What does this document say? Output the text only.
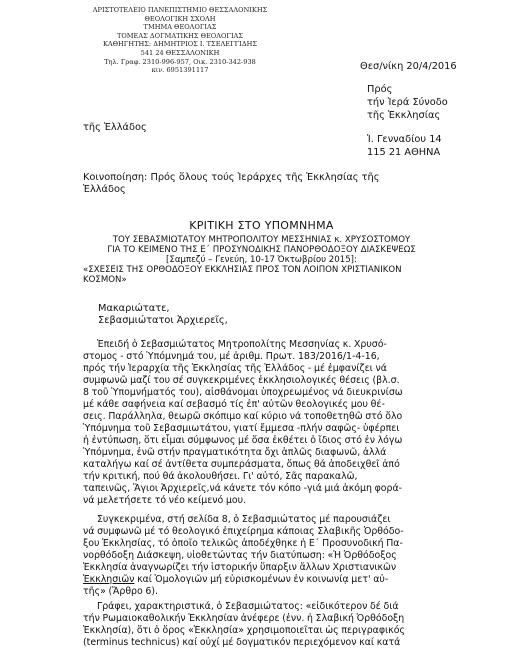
ΑΡΙΣΤΟΤΕΛΕΙΟ ΠΑΝΕΠΙΣΤΗΜΙΟ ΘΕΣΣΑΛΟΝΙΚΗΣ
ΘΕΟΛΟΓΙΚΗ ΣΧΟΛΗ
ΤΜΗΜΑ ΘΕΟΛΟΓΙΑΣ
ΤΟΜΕΑΣ ΔΟΓΜΑΤΙΚΗΣ ΘΕΟΛΟΓΙΑΣ
ΚΑΘΗΓΗΤΗΣ: ΔΗΜΗΤΡΙΟΣ Ι. ΤΣΕΛΕΓΓΙΔΗΣ
541 24 ΘΕΣΣΑΛΟΝΙΚΗ
Τηλ. Γραφ. 2310-996-957, Οικ. 2310-342-938
κιν. 6951391117	Θεσ/νίκη 20/4/2016
Πρός
τήν Ἱερά Σύνοδο
τῆς Ἐκκλησίας
τῆς Ἑλλάδος
Ἰ. Γενναδίου 14
115 21 ΑΘΗΝΑ
Κοινοποίηση: Πρός ὅλους τούς Ἱεράρχες τῆς Ἐκκλησίας τῆς
Ἑλλάδος
ΚΡΙΤΙΚΗ ΣΤΟ ΥΠΟΜΝΗΜΑ
ΤΟΥ ΣΕΒΑΣΜΙΩΤΑΤΟΥ ΜΗΤΡΟΠΟΛΙΤΟΥ ΜΕΣΣΗΝΙΑΣ κ. ΧΡΥΣΟΣΤΟΜΟΥ
ΓΙΑ ΤΟ ΚΕΙΜΕΝΟ ΤΗΣ Ε΄ ΠΡΟΣΥΝΟΔΙΚΗΣ ΠΑΝΟΡΘΟΔΟΞΟΥ ΔΙΑΣΚΕΨΕΩΣ
[Σαμπεζύ – Γενεύη, 10-17 Ὀκτωβρίου 2015]:
«ΣΧΕΣΕΙΣ ΤΗΣ ΟΡΘΟΔΟΞΟΥ ΕΚΚΛΗΣΙΑΣ ΠΡΟΣ ΤΟΝ ΛΟΙΠΟΝ ΧΡΙΣΤΙΑΝΙΚΟΝ
ΚΟΣΜΟΝ»
Μακαριώτατε,
Σεβασμιώτατοι Ἀρχιερεῖς,
Ἐπειδή ὁ Σεβασμιώτατος Μητροπολίτης Μεσσηνίας κ. Χρυσό-
στομος - στό Ὑπόμνημά του, μέ ἀριθμ. Πρωτ. 183/2016/1-4-16,
πρός τήν Ἱεραρχία τῆς Ἐκκλησίας τῆς Ἑλλάδος - μέ ἐμφανίζει νά
συμφωνῶ μαζί του σέ συγκεκριμένες ἐκκλησιολογικές θέσεις (βλ.σ.
8 τοῦ Ὑπομνήματός του), αἰσθάνομαι ὑποχρεωμένος νά διευκρινίσω
μέ κάθε σαφήνεια καί σεβασμό τίς ἐπ' αὐτῶν θεολογικές μου θέ-
σεις. Παράλληλα, θεωρῶ σκόπιμο καί κύριο νά τοποθετηθῶ στό ὅλο
Ὑπόμνημα τοῦ Σεβασμιωτάτου, γιατί ἔμμεσα -πλήν σαφῶς- ὑφέρπει
ἡ ἐντύπωση, ὅτι εἶμαι σύμφωνος μέ ὅσα ἐκθέτει ὁ ἴδιος στό ἐν λόγω
Ὑπόμνημα, ἐνῶ στήν πραγματικότητα ὄχι ἁπλῶς διαφωνῶ, ἀλλά
καταλήγω καί σέ ἀντίθετα συμπεράσματα, ὅπως θά ἀποδειχθεῖ ἀπό
τήν κριτική, πού θά ἀκολουθήσει. Γι' αὐτό, Σᾶς παρακαλῶ,
ταπεινῶς, Ἅγιοι Ἀρχιερεῖς,νά κάνετε τόν κόπο -γιά μιά ἀκόμη φορά-
νά μελετήσετε τό νέο κείμενό μου.
Συγκεκριμένα, στή σελίδα 8, ὁ Σεβασμιώτατος μέ παρουσιάζει
νά συμφωνῶ μέ τό θεολογικό ἐπιχείρημα κάποιας Σλαβικῆς Ὀρθόδο-
ξου Ἐκκλησίας, τό ὁποῖο τελικῶς ἀποδέχθηκε ἡ Ε΄ Προσυνοδική Πα-
νορθόδοξη Διάσκεψη, υἱοθετώντας τήν διατύπωση: «Ἡ Ὀρθόδοξος
Ἐκκλησία ἀναγνωρίζει τήν ἱστορικήν ὕπαρξιν ἄλλων Χριστιανικῶν
Ἐκκλησιῶν καί Ὁμολογιῶν μή εὑρισκομένων ἐν κοινωνίᾳ μετ' αὐ-
τῆς» (Ἄρθρο 6).
Γράφει, χαρακτηριστικά, ὁ Σεβασμιώτατος: «εἰδικότερον δέ διά
τήν Ρωμαιοκαθολικήν Ἐκκλησίαν ἀνέφερε (ἐνν. ἡ Σλαβική Ὀρθόδοξη
Ἐκκλησία), ὅτι ὁ ὅρος «Ἐκκλησία» χρησιμοποιεῖται ὡς περιγραφικός
(terminus technicus) καί οὐχί μέ δογματικόν περιεχόμενον καί κατά
